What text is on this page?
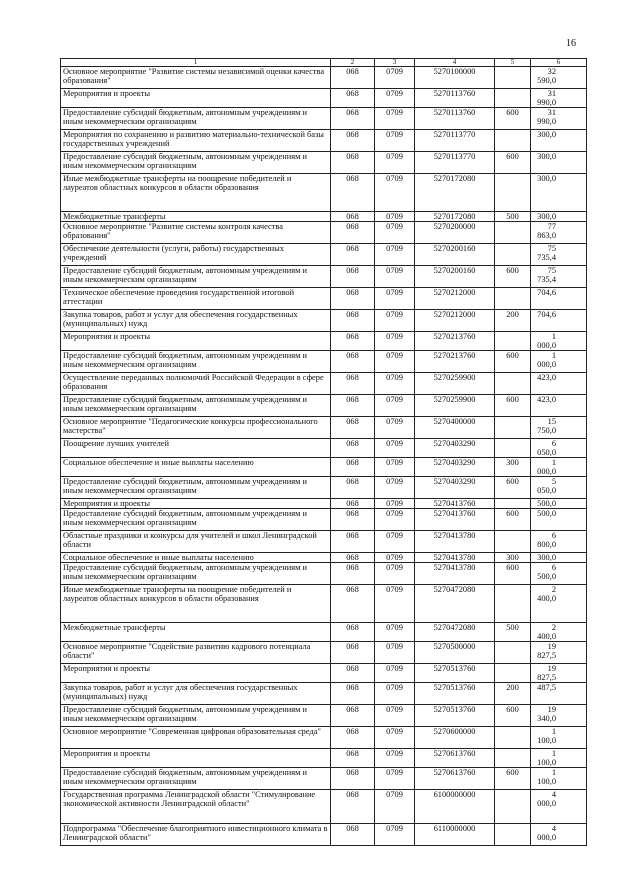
16
1	2	3	4	5	6
Основное мероприятие "Развитие системы независимой оценки качества образования"	068	0709	5270100000		32 590,0
Мероприятия и проекты	068	0709	5270113760		31 990,0
Предоставление субсидий бюджетным, автономным учреждениям и иным некоммерческим организациям	068	0709	5270113760	600	31 990,0
Мероприятия по сохранению и развитию материально-технической базы государственных учреждений	068	0709	5270113770		300,0
Предоставление субсидий бюджетным, автономным учреждениям и иным некоммерческим организациям	068	0709	5270113770	600	300,0
Иные межбюджетные трансферты на поощрение победителей и лауреатов областных конкурсов в области образования	068	0709	5270172080		300,0
Межбюджетные трансферты	068	0709	5270172080	500	300,0
Основное мероприятие "Развитие системы контроля качества образования"	068	0709	5270200000		77 863,0
Обеспечение деятельности (услуги, работы) государственных учреждений	068	0709	5270200160		75 735,4
Предоставление субсидий бюджетным, автономным учреждениям и иным некоммерческим организациям	068	0709	5270200160	600	75 735,4
Техническое обеспечение проведения государственной итоговой аттестации	068	0709	5270212000		704,6
Закупка товаров, работ и услуг для обеспечения государственных (муниципальных) нужд	068	0709	5270212000	200	704,6
Мероприятия и проекты	068	0709	5270213760		1 000,0
Предоставление субсидий бюджетным, автономным учреждениям и иным некоммерческим организациям	068	0709	5270213760	600	1 000,0
Осуществление переданных полномочий Российской Федерации в сфере образования	068	0709	5270259900		423,0
Предоставление субсидий бюджетным, автономным учреждениям и иным некоммерческим организациям	068	0709	5270259900	600	423,0
Основное мероприятие "Педагогические конкурсы профессионального мастерства"	068	0709	5270400000		15 750,0
Поощрение лучших учителей	068	0709	5270403290		6 050,0
Социальное обеспечение и иные выплаты населению	068	0709	5270403290	300	1 000,0
Предоставление субсидий бюджетным, автономным учреждениям и иным некоммерческим организациям	068	0709	5270403290	600	5 050,0
Мероприятия и проекты	068	0709	5270413760		500,0
Предоставление субсидий бюджетным, автономным учреждениям и иным некоммерческим организациям	068	0709	5270413760	600	500,0
Областные праздники и конкурсы для учителей и школ Ленинградской области	068	0709	5270413780		6 800,0
Социальное обеспечение и иные выплаты населению	068	0709	5270413780	300	300,0
Предоставление субсидий бюджетным, автономным учреждениям и иным некоммерческим организациям	068	0709	5270413780	600	6 500,0
Иные межбюджетные трансферты на поощрение победителей и лауреатов областных конкурсов в области образования	068	0709	5270472080		2 400,0
Межбюджетные трансферты	068	0709	5270472080	500	2 400,0
Основное мероприятие "Содействие развитию кадрового потенциала области"	068	0709	5270500000		19 827,5
Мероприятия и проекты	068	0709	5270513760		19 827,5
Закупка товаров, работ и услуг для обеспечения государственных (муниципальных) нужд	068	0709	5270513760	200	487,5
Предоставление субсидий бюджетным, автономным учреждениям и иным некоммерческим организациям	068	0709	5270513760	600	19 340,0
Основное мероприятие "Современная цифровая образовательная среда"	068	0709	5270600000		1 100,0
Мероприятия и проекты	068	0709	5270613760		1 100,0
Предоставление субсидий бюджетным, автономным учреждениям и иным некоммерческим организациям	068	0709	5270613760	600	1 100,0
Государственная программа Ленинградской области "Стимулирование экономической активности Ленинградской области"	068	0709	6100000000		4 000,0
Подпрограмма "Обеспечение благоприятного инвестиционного климата в Ленинградской области"	068	0709	6110000000		4 000,0
